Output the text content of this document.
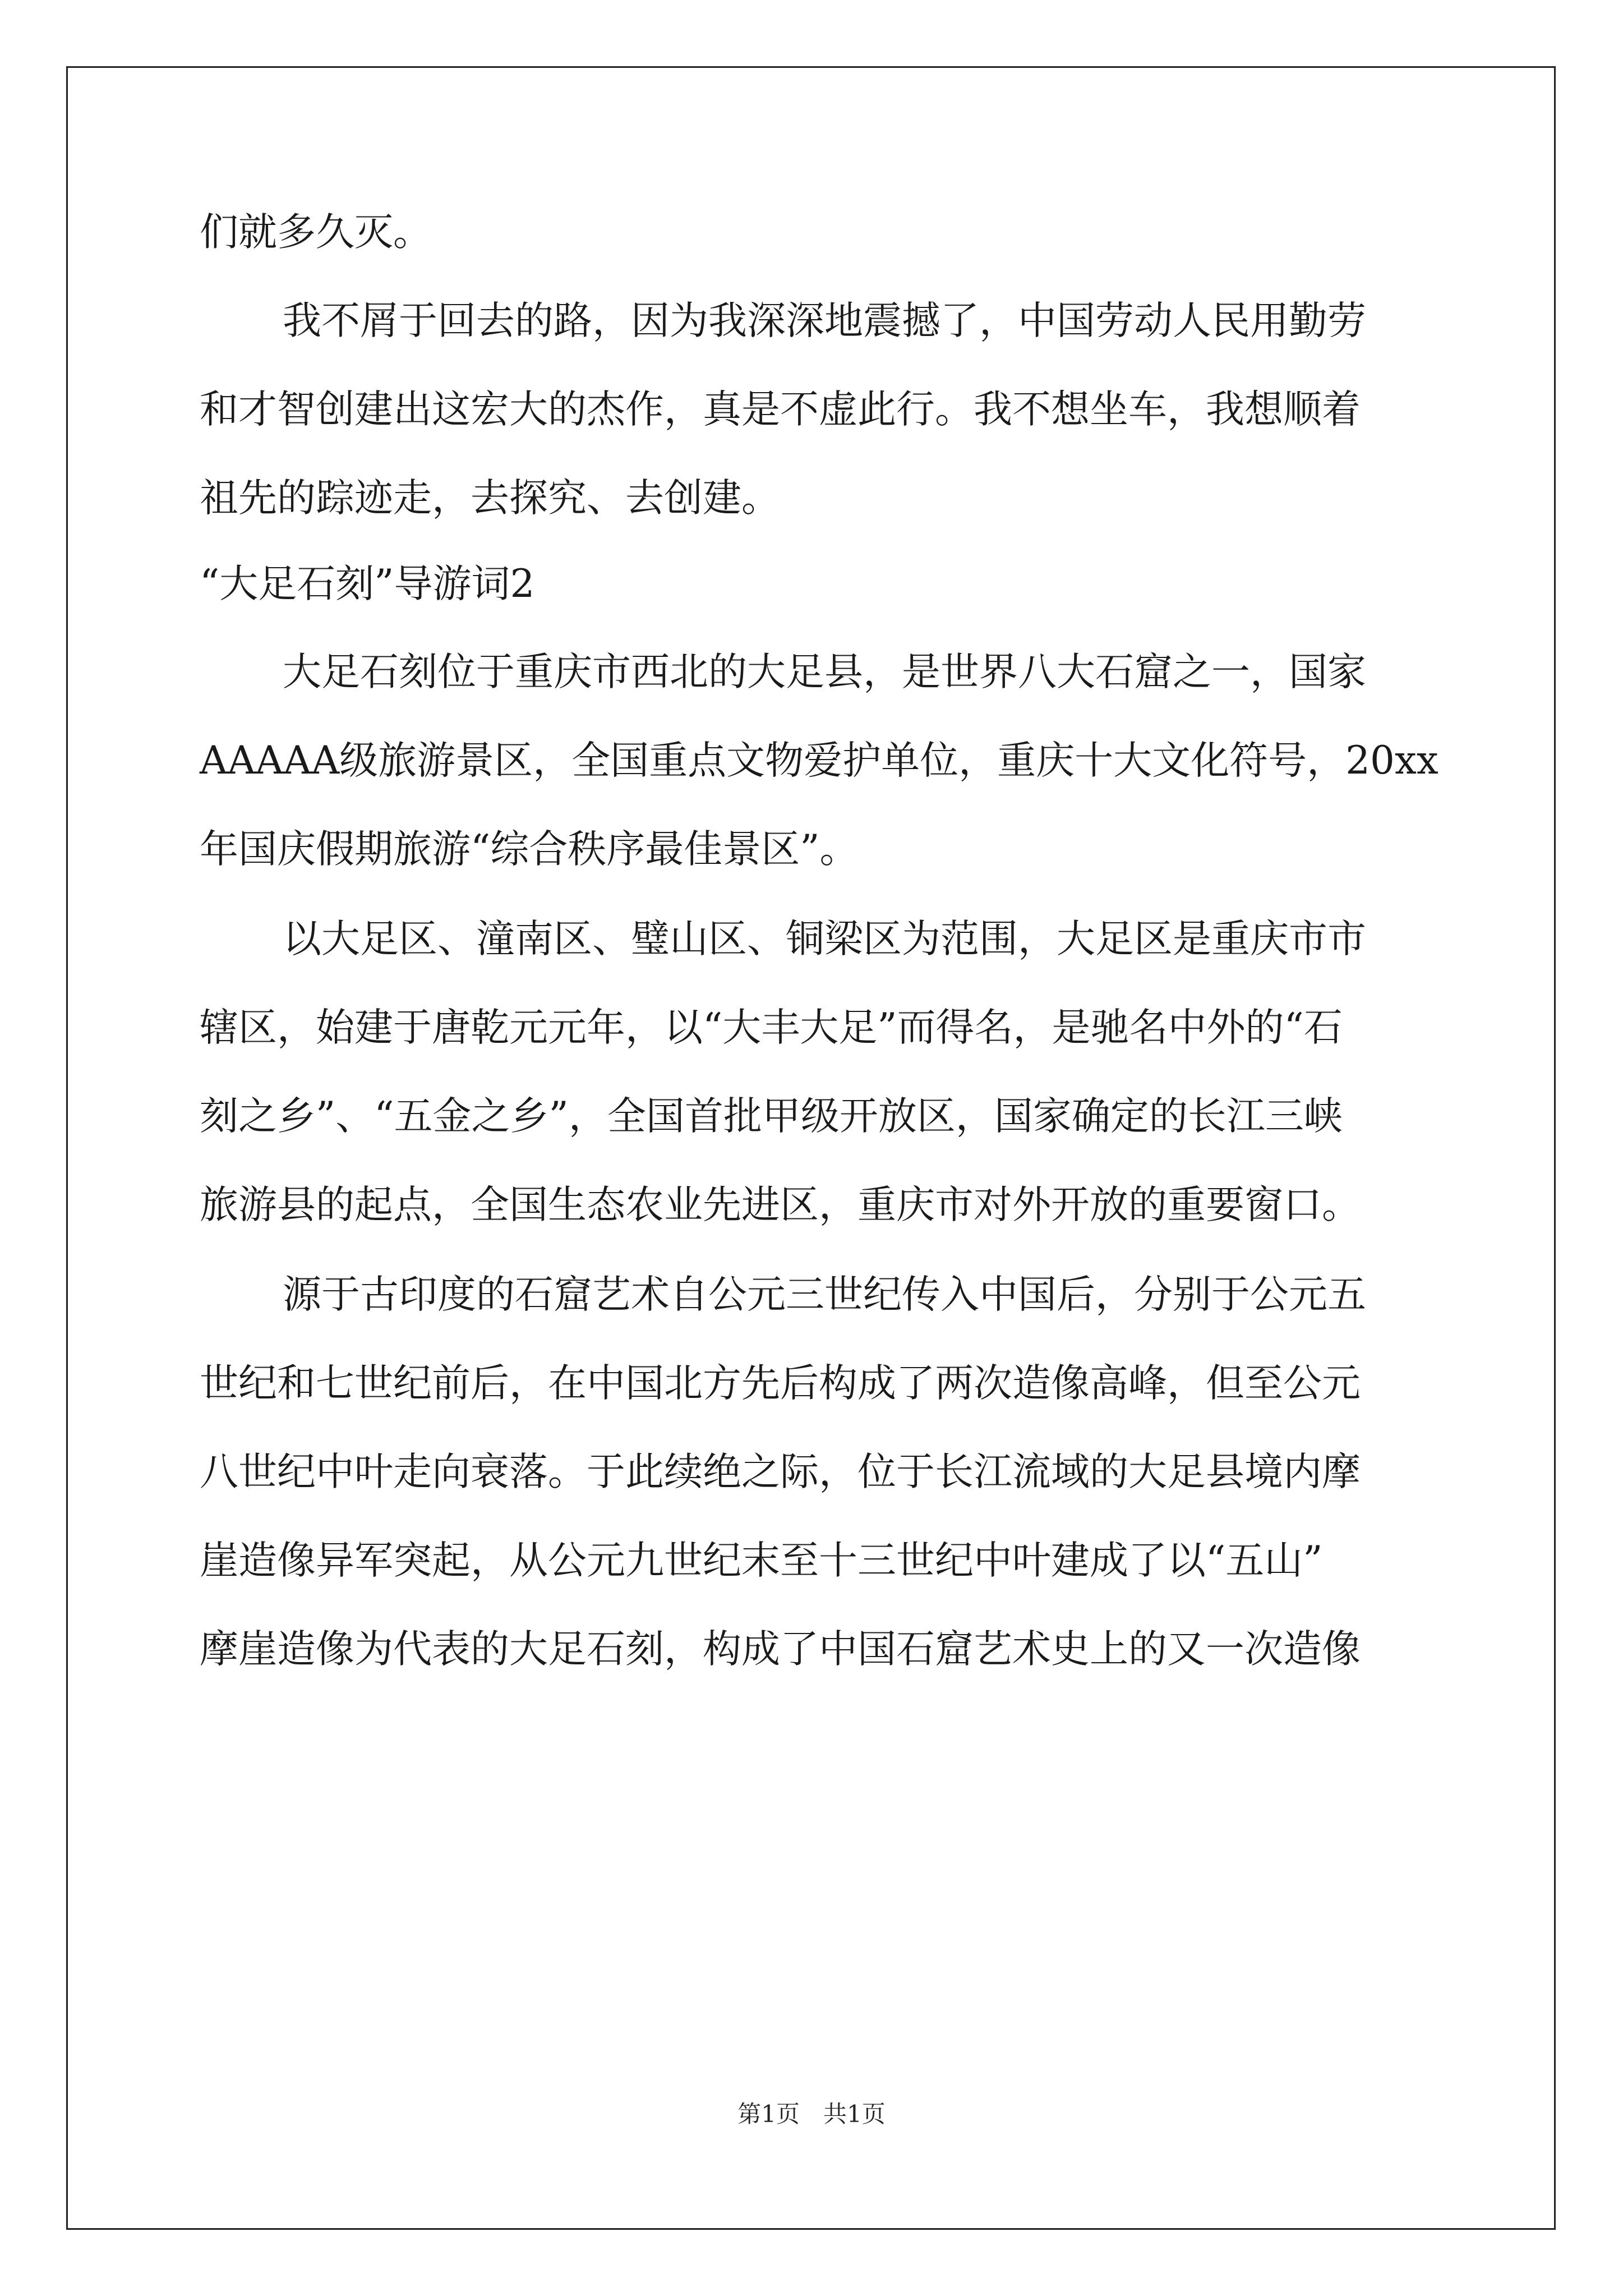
们就多久灭。
我不屑于回去的路，因为我深深地震撼了，中国劳动人民用勤劳
和才智创建出这宏大的杰作，真是不虚此行。我不想坐车，我想顺着
祖先的踪迹走，去探究、去创建。
“大足石刻”导游词2
大足石刻位于重庆市西北的大足县，是世界八大石窟之一，国家
AAAAA级旅游景区，全国重点文物爱护单位，重庆十大文化符号，20xx
年国庆假期旅游“综合秩序最佳景区”。
以大足区、潼南区、璧山区、铜梁区为范围，大足区是重庆市市
辖区，始建于唐乾元元年，以“大丰大足”而得名，是驰名中外的“石
刻之乡”、“五金之乡”，全国首批甲级开放区，国家确定的长江三峡
旅游县的起点，全国生态农业先进区，重庆市对外开放的重要窗口。
源于古印度的石窟艺术自公元三世纪传入中国后，分别于公元五
世纪和七世纪前后，在中国北方先后构成了两次造像高峰，但至公元
八世纪中叶走向衰落。于此续绝之际，位于长江流域的大足县境内摩
崖造像异军突起，从公元九世纪末至十三世纪中叶建成了以“五山”
摩崖造像为代表的大足石刻，构成了中国石窟艺术史上的又一次造像
第1页　共1页
